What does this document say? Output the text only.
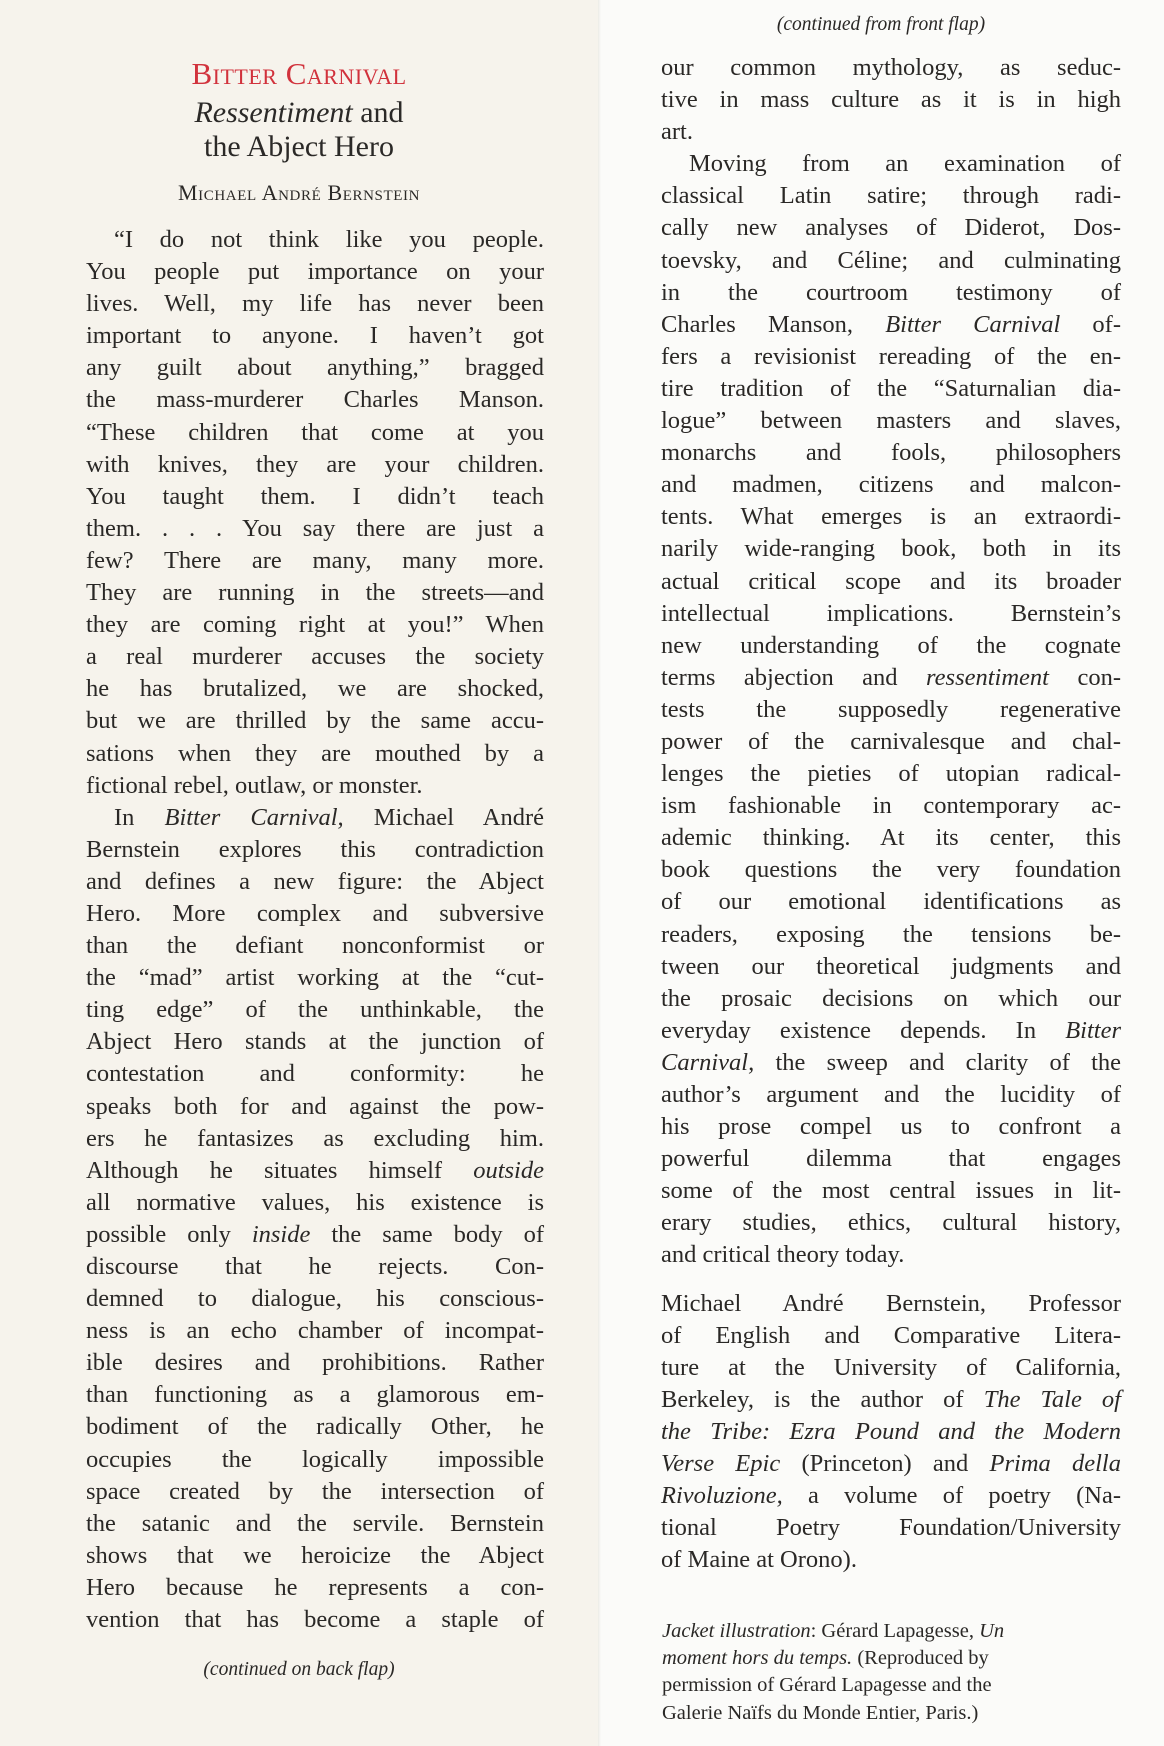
Bitter Carnival
Ressentiment and
the Abject Hero
Michael André Bernstein
“I do not think like you people.
You people put importance on your
lives. Well, my life has never been
important to anyone. I haven’t got
any guilt about anything,” bragged
the mass-murderer Charles Manson.
“These children that come at you
with knives, they are your children.
You taught them. I didn’t teach
them. . . . You say there are just a
few? There are many, many more.
They are running in the streets—and
they are coming right at you!” When
a real murderer accuses the society
he has brutalized, we are shocked,
but we are thrilled by the same accu-
sations when they are mouthed by a
fictional rebel, outlaw, or monster.
In Bitter Carnival, Michael André
Bernstein explores this contradiction
and defines a new figure: the Abject
Hero. More complex and subversive
than the defiant nonconformist or
the “mad” artist working at the “cut-
ting edge” of the unthinkable, the
Abject Hero stands at the junction of
contestation and conformity: he
speaks both for and against the pow-
ers he fantasizes as excluding him.
Although he situates himself outside
all normative values, his existence is
possible only inside the same body of
discourse that he rejects. Con-
demned to dialogue, his conscious-
ness is an echo chamber of incompat-
ible desires and prohibitions. Rather
than functioning as a glamorous em-
bodiment of the radically Other, he
occupies the logically impossible
space created by the intersection of
the satanic and the servile. Bernstein
shows that we heroicize the Abject
Hero because he represents a con-
vention that has become a staple of
(continued on back flap)
(continued from front flap)
our common mythology, as seduc-
tive in mass culture as it is in high
art.
Moving from an examination of
classical Latin satire; through radi-
cally new analyses of Diderot, Dos-
toevsky, and Céline; and culminating
in the courtroom testimony of
Charles Manson, Bitter Carnival of-
fers a revisionist rereading of the en-
tire tradition of the “Saturnalian dia-
logue” between masters and slaves,
monarchs and fools, philosophers
and madmen, citizens and malcon-
tents. What emerges is an extraordi-
narily wide-ranging book, both in its
actual critical scope and its broader
intellectual implications. Bernstein’s
new understanding of the cognate
terms abjection and ressentiment con-
tests the supposedly regenerative
power of the carnivalesque and chal-
lenges the pieties of utopian radical-
ism fashionable in contemporary ac-
ademic thinking. At its center, this
book questions the very foundation
of our emotional identifications as
readers, exposing the tensions be-
tween our theoretical judgments and
the prosaic decisions on which our
everyday existence depends. In Bitter
Carnival, the sweep and clarity of the
author’s argument and the lucidity of
his prose compel us to confront a
powerful dilemma that engages
some of the most central issues in lit-
erary studies, ethics, cultural history,
and critical theory today.
Michael André Bernstein, Professor
of English and Comparative Litera-
ture at the University of California,
Berkeley, is the author of The Tale of
the Tribe: Ezra Pound and the Modern
Verse Epic (Princeton) and Prima della
Rivoluzione, a volume of poetry (Na-
tional Poetry Foundation/University
of Maine at Orono).
Jacket illustration: Gérard Lapagesse, Un
moment hors du temps. (Reproduced by
permission of Gérard Lapagesse and the
Galerie Naïfs du Monde Entier, Paris.)
